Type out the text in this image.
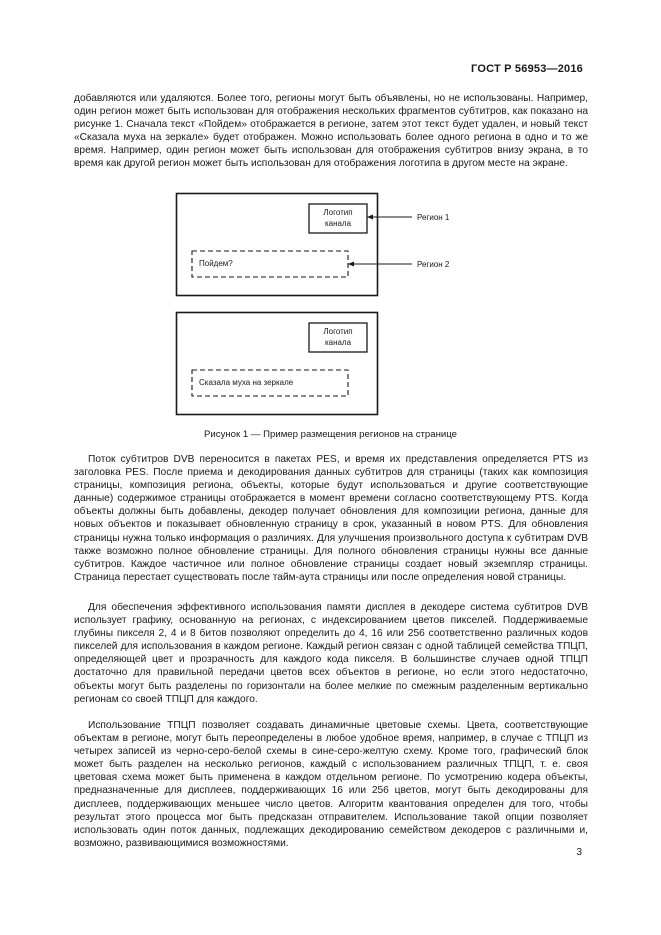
ГОСТ Р 56953—2016

добавляются или удаляются. Более того, регионы могут быть объявлены, но не использованы. Например, один регион может быть использован для отображения нескольких фрагментов субтитров, как показано на рисунке 1. Сначала текст «Пойдем» отображается в регионе, затем этот текст будет удален, и новый текст «Сказала муха на зеркале» будет отображен. Можно использовать более одного региона в одно и то же время. Например, один регион может быть использован для отображения субтитров внизу экрана, в то время как другой регион может быть использован для отображения логотипа в другом месте на экране.

Логотип
канала
Пойдем?
Регион 1
Регион 2
Логотип
канала
Сказала муха на зеркале
Рисунок 1 — Пример размещения регионов на странице

Поток субтитров DVB переносится в пакетах PES, и время их представления определяется PTS из заголовка PES. После приема и декодирования данных субтитров для страницы (таких как композиция страницы, композиция региона, объекты, которые будут использоваться и другие соответствующие данные) содержимое страницы отображается в момент времени согласно соответствующему PTS. Когда объекты должны быть добавлены, декодер получает обновления для композиции региона, данные для новых объектов и показывает обновленную страницу в срок, указанный в новом PTS. Для обновления страницы нужна только информация о различиях. Для улучшения произвольного доступа к субтитрам DVB также возможно полное обновление страницы. Для полного обновления страницы нужны все данные субтитров. Каждое частичное или полное обновление страницы создает новый экземпляр страницы. Страница перестает существовать после тайм-аута страницы или после определения новой страницы.

Для обеспечения эффективного использования памяти дисплея в декодере система субтитров DVB использует графику, основанную на регионах, с индексированием цветов пикселей. Поддерживаемые глубины пикселя 2, 4 и 8 битов позволяют определить до 4, 16 или 256 соответственно различных кодов пикселей для использования в каждом регионе. Каждый регион связан с одной таблицей семейства ТПЦП, определяющей цвет и прозрачность для каждого кода пикселя. В большинстве случаев одной ТПЦП достаточно для правильной передачи цветов всех объектов в регионе, но если этого недостаточно, объекты могут быть разделены по горизонтали на более мелкие по смежным разделенным вертикально регионам со своей ТПЦП для каждого.

Использование ТПЦП позволяет создавать динамичные цветовые схемы. Цвета, соответствующие объектам в регионе, могут быть переопределены в любое удобное время, например, в случае с ТПЦП из четырех записей из черно-серо-белой схемы в сине-серо-желтую схему. Кроме того, графический блок может быть разделен на несколько регионов, каждый с использованием различных ТПЦП, т. е. своя цветовая схема может быть применена в каждом отдельном регионе. По усмотрению кодера объекты, предназначенные для дисплеев, поддерживающих 16 или 256 цветов, могут быть декодированы для дисплеев, поддерживающих меньшее число цветов. Алгоритм квантования определен для того, чтобы результат этого процесса мог быть предсказан отправителем. Использование такой опции позволяет использовать один поток данных, подлежащих декодированию семейством декодеров с различными и, возможно, развивающимися возможностями.

3
